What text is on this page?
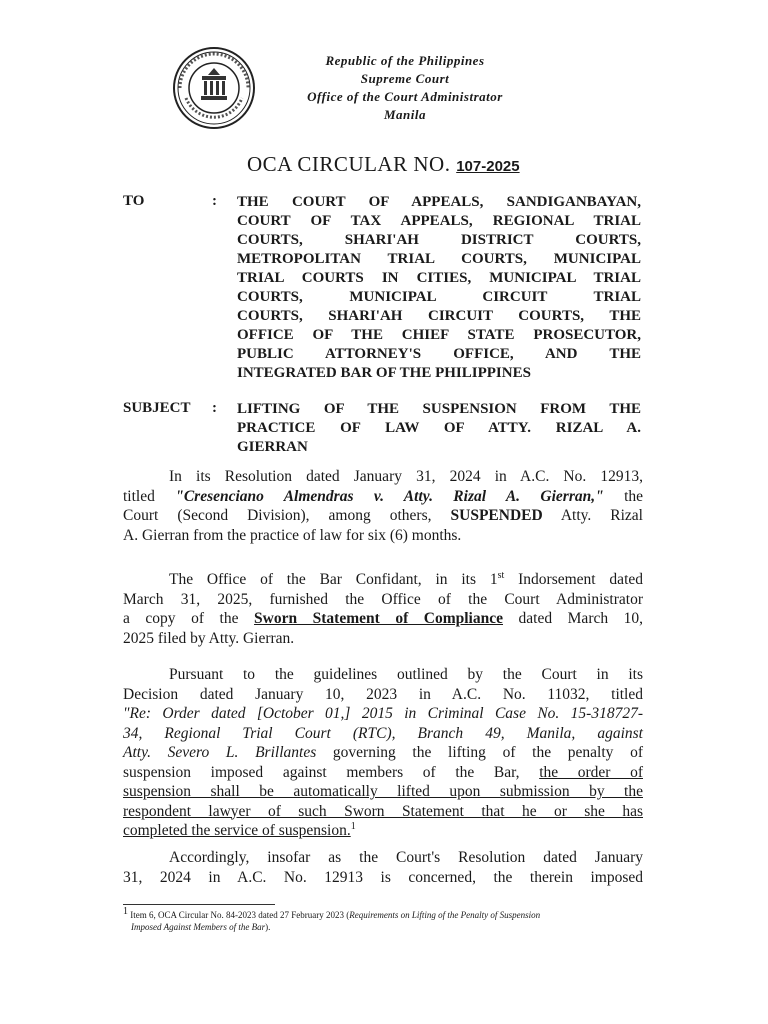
Republic of the Philippines
Supreme Court
Office of the Court Administrator
Manila
OCA CIRCULAR NO. 107-2025
TO	: THE COURT OF APPEALS, SANDIGANBAYAN,
COURT OF TAX APPEALS, REGIONAL TRIAL
COURTS, SHARI'AH DISTRICT COURTS,
METROPOLITAN TRIAL COURTS, MUNICIPAL
TRIAL COURTS IN CITIES, MUNICIPAL TRIAL
COURTS, MUNICIPAL CIRCUIT TRIAL
COURTS, SHARI'AH CIRCUIT COURTS, THE
OFFICE OF THE CHIEF STATE PROSECUTOR,
PUBLIC ATTORNEY'S OFFICE, AND THE
INTEGRATED BAR OF THE PHILIPPINES
SUBJECT : LIFTING OF THE SUSPENSION FROM THE
PRACTICE OF LAW OF ATTY. RIZAL A.
GIERRAN
In its Resolution dated January 31, 2024 in A.C. No. 12913,
titled "Cresenciano Almendras v. Atty. Rizal A. Gierran," the
Court (Second Division), among others, SUSPENDED Atty. Rizal
A. Gierran from the practice of law for six (6) months.
The Office of the Bar Confidant, in its 1st Indorsement dated
March 31, 2025, furnished the Office of the Court Administrator
a copy of the Sworn Statement of Compliance dated March 10,
2025 filed by Atty. Gierran.
Pursuant to the guidelines outlined by the Court in its
Decision dated January 10, 2023 in A.C. No. 11032, titled
"Re: Order dated [October 01,] 2015 in Criminal Case No. 15-318727-
34, Regional Trial Court (RTC), Branch 49, Manila, against
Atty. Severo L. Brillantes governing the lifting of the penalty of
suspension imposed against members of the Bar, the order of
suspension shall be automatically lifted upon submission by the
respondent lawyer of such Sworn Statement that he or she has
completed the service of suspension.$^1$
Accordingly, insofar as the Court's Resolution dated January
31, 2024 in A.C. No. 12913 is concerned, the therein imposed
$^1$ Item 6, OCA Circular No. 84-2023 dated 27 February 2023 (Requirements on Lifting of the Penalty of Suspension
Imposed Against Members of the Bar).
